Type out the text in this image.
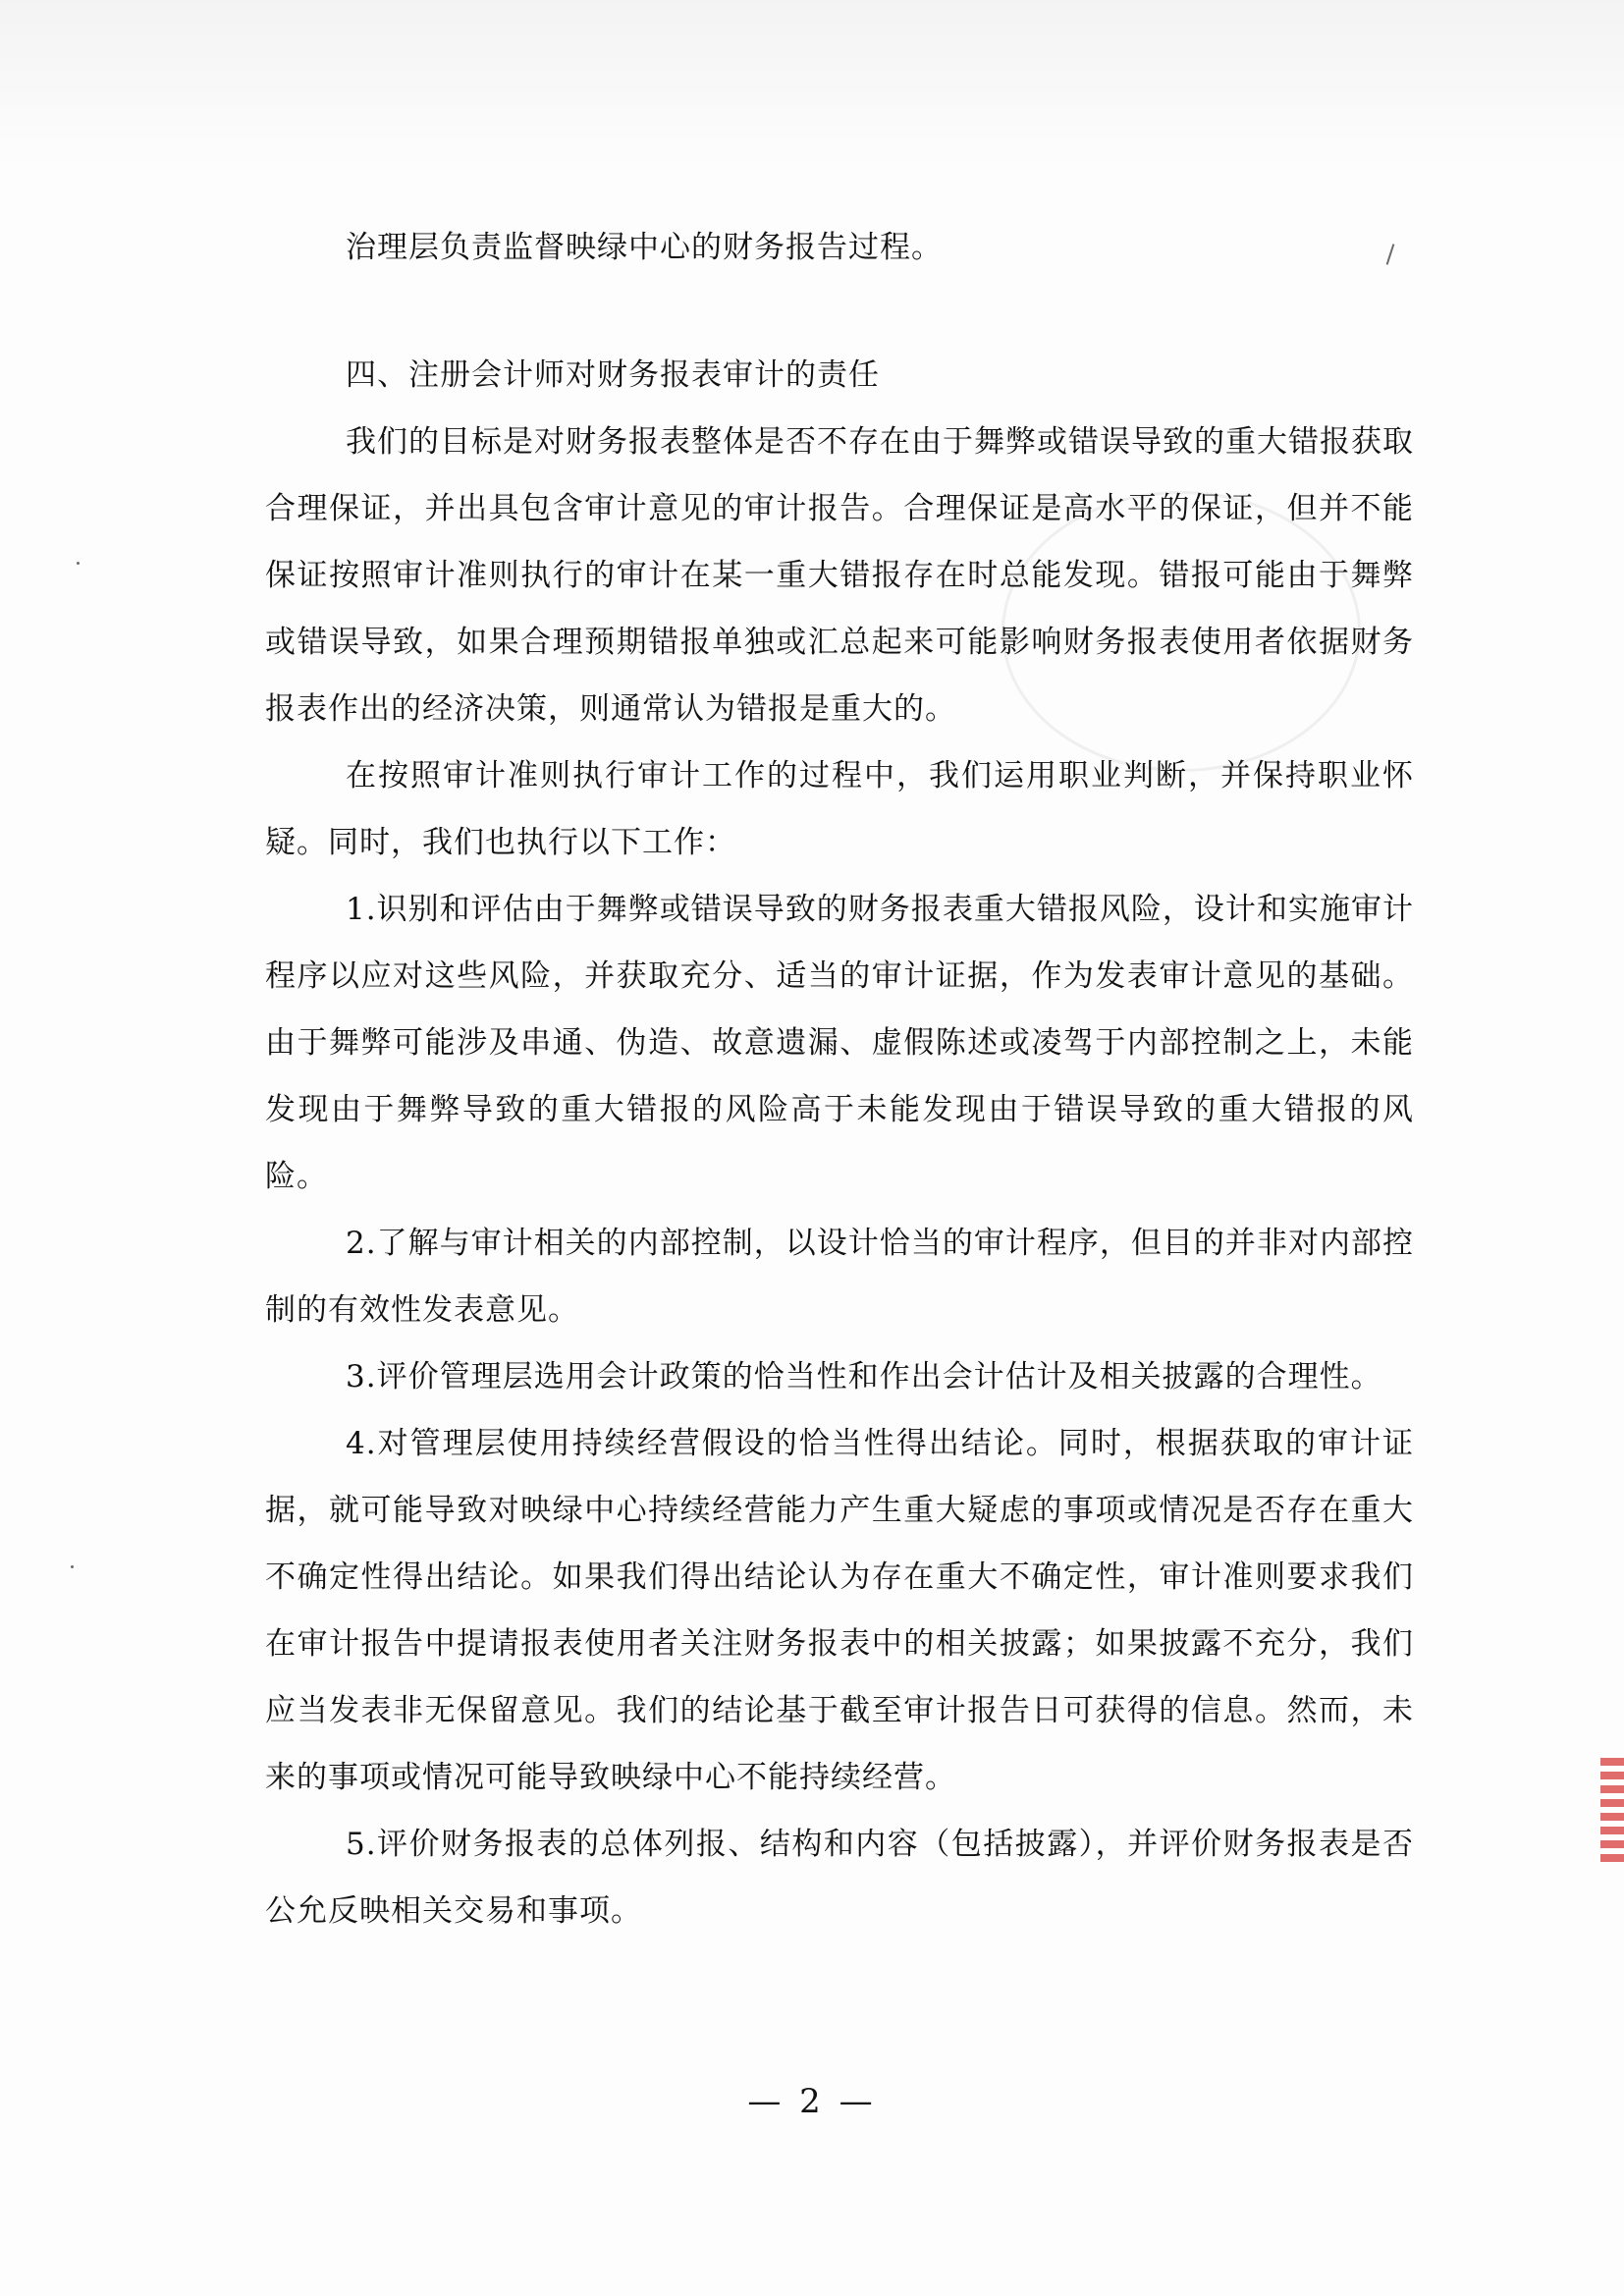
治理层负责监督映绿中心的财务报告过程。

四、注册会计师对财务报表审计的责任

我们的目标是对财务报表整体是否不存在由于舞弊或错误导致的重大错报获取合理保证，并出具包含审计意见的审计报告。合理保证是高水平的保证，但并不能保证按照审计准则执行的审计在某一重大错报存在时总能发现。错报可能由于舞弊或错误导致，如果合理预期错报单独或汇总起来可能影响财务报表使用者依据财务报表作出的经济决策，则通常认为错报是重大的。

在按照审计准则执行审计工作的过程中，我们运用职业判断，并保持职业怀疑。同时，我们也执行以下工作：

1.识别和评估由于舞弊或错误导致的财务报表重大错报风险，设计和实施审计程序以应对这些风险，并获取充分、适当的审计证据，作为发表审计意见的基础。由于舞弊可能涉及串通、伪造、故意遗漏、虚假陈述或凌驾于内部控制之上，未能发现由于舞弊导致的重大错报的风险高于未能发现由于错误导致的重大错报的风险。

2.了解与审计相关的内部控制，以设计恰当的审计程序，但目的并非对内部控制的有效性发表意见。

3.评价管理层选用会计政策的恰当性和作出会计估计及相关披露的合理性。

4.对管理层使用持续经营假设的恰当性得出结论。同时，根据获取的审计证据，就可能导致对映绿中心持续经营能力产生重大疑虑的事项或情况是否存在重大不确定性得出结论。如果我们得出结论认为存在重大不确定性，审计准则要求我们在审计报告中提请报表使用者关注财务报表中的相关披露；如果披露不充分，我们应当发表非无保留意见。我们的结论基于截至审计报告日可获得的信息。然而，未来的事项或情况可能导致映绿中心不能持续经营。

5.评价财务报表的总体列报、结构和内容（包括披露），并评价财务报表是否公允反映相关交易和事项。

— 2 —
